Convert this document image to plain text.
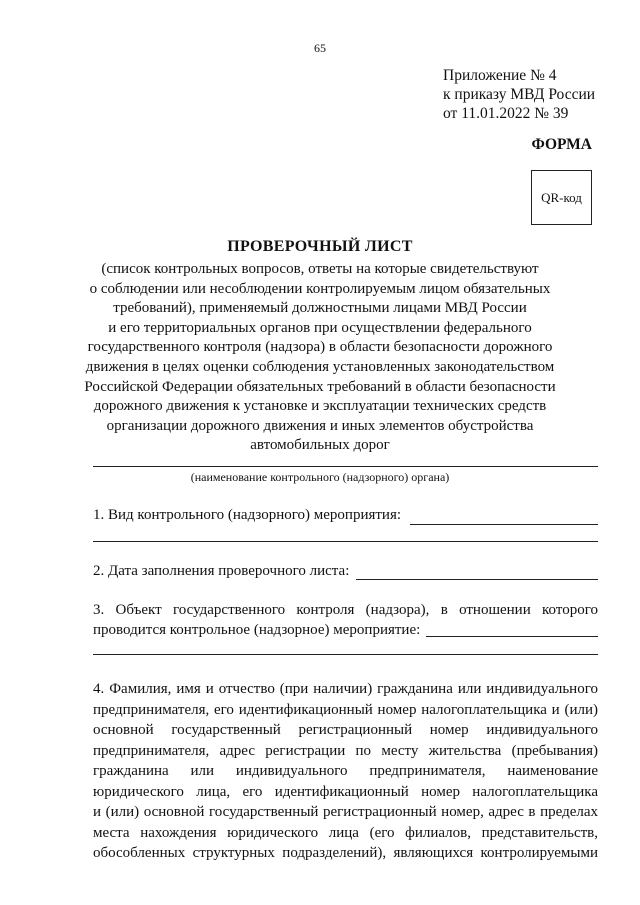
65
Приложение № 4
к приказу МВД России
от 11.01.2022 № 39
ФОРМА
QR-код
ПРОВЕРОЧНЫЙ ЛИСТ
(список контрольных вопросов, ответы на которые свидетельствуют
о соблюдении или несоблюдении контролируемым лицом обязательных
требований), применяемый должностными лицами МВД России
и его территориальных органов при осуществлении федерального
государственного контроля (надзора) в области безопасности дорожного
движения в целях оценки соблюдения установленных законодательством
Российской Федерации обязательных требований в области безопасности
дорожного движения к установке и эксплуатации технических средств
организации дорожного движения и иных элементов обустройства
автомобильных дорог
(наименование контрольного (надзорного) органа)
1. Вид контрольного (надзорного) мероприятия:
2. Дата заполнения проверочного листа:
3. Объект государственного контроля (надзора), в отношении которого
проводится контрольное (надзорное) мероприятие:
4. Фамилия, имя и отчество (при наличии) гражданина или индивидуального
предпринимателя, его идентификационный номер налогоплательщика и (или)
основной государственный регистрационный номер индивидуального
предпринимателя, адрес регистрации по месту жительства (пребывания)
гражданина или индивидуального предпринимателя, наименование
юридического лица, его идентификационный номер налогоплательщика
и (или) основной государственный регистрационный номер, адрес в пределах
места нахождения юридического лица (его филиалов, представительств,
обособленных структурных подразделений), являющихся контролируемыми
